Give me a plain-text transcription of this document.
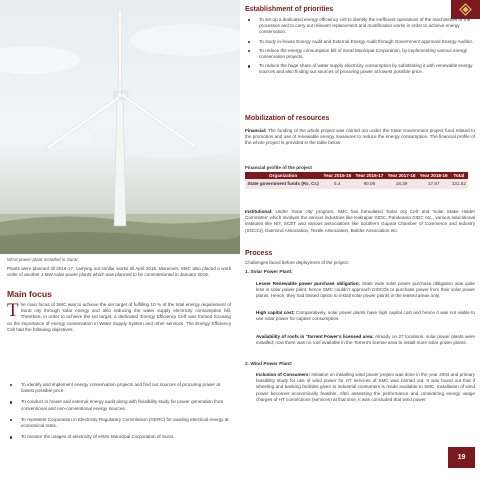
Wind power plant installed in Surat
Plants were planned till 2016-17, carrying out similar works till April 2018. Moreover, SMC also placed a work order of another 1 MW solar power plants which was planned to be commissioned in January 2019.
Main focus
The main focus of SMC was to achieve the set target of fulfilling 10 % of the total energy requirement of Surat city through solar energy and also reducing the water supply electricity consumption bill. Therefore, in order to achieve the set target, a dedicated 'Energy Efficiency Cell' was formed focusing on the importance of energy conservation in Water Supply System and other services. The Energy Efficiency Cell had the following objectives:
To identify and implement energy conservation projects and find out sources of procuring power at lowest possible price.
To conduct in house and external energy audit along with feasibility study for power generation from conventional and non-conventional energy sources.
To represent Corporation in Electricity Regulatory Commission (GERC) for availing electrical energy at economical rates.
To monitor the usages of electricity of entire Municipal Corporation of Surat.
Establishment of priorities
To set up a dedicated energy efficiency cell to identify the inefficient operations of the machineries or the processes and to carry out relevant replacement and modification works in order to achieve energy conservation.
To study in-house Energy Audit and External Energy Audit through Government approved Energy Auditor.
To reduce the energy consumption bill of Surat Municipal Corporation, by implementing various energy conservation projects.
To reduce the huge share of water supply electricity consumption by substituting it with renewable energy sources and also finding out sources of procuring power at lowest possible price.
Mobilization of resources
Financial: The funding of the whole project was carried out under the State Government project fund related to the promotion and use of renewable energy measures to reduce the energy consumption. The financial profile of the whole project is provided in the table below:
Financial profile of the project
Organization	Year 2015-16	Year 2016-17	Year 2017-18	Year 2018-19	Total
State government funds (Rs. Cr.)	5.4	90.06	18.39	17.97	131.82
Institutional: Under 'Solar city' program, SMC has formulated 'Solar city Cell' and 'Solar Stake Holder Committee' which involves the various industries like Kakrapar GIDC, Pandesara GIDC etc., various educational institutes like NIT, SCET and various associations like Southern Gujarat Chamber of Commerce and Industry (SGCCI), Diamond Association, Textile Association, Builder Association etc.
Process
Challenges faced before deployment of the project:
1. Solar Power Plant:
Lesser Renewable power purchase obligation: State wide solar power purchase obligation was quite less in solar power plant; hence SMC couldn't approach DISCOs to purchase power from their solar power plants. Hence, they had limited option to install solar power plants in the leased areas only.
High capital cost: Comparatively, solar power plants have high capital cost and hence it was not viable to use solar power for captive consumption.
Availability of roofs in 'Torrent Power's licensed area: Already on 27 locations, solar power plants were installed; now there was no roof available in the Torrent's license area to install more solar power plants.
2. Wind Power Plant:
Inclusion of Consumers: Initiation on installing wind power project was done in the year 2004 and primary feasibility study for use of wind power for HT services of SMC was carried out. It was found out that if wheeling and banking facilities given to industrial consumers is made available to SMC, installation of wind power becomes economically feasible. After assessing the performance and considering energy usage charges of HT connections (services) at that time, it was concluded that wind power
19
